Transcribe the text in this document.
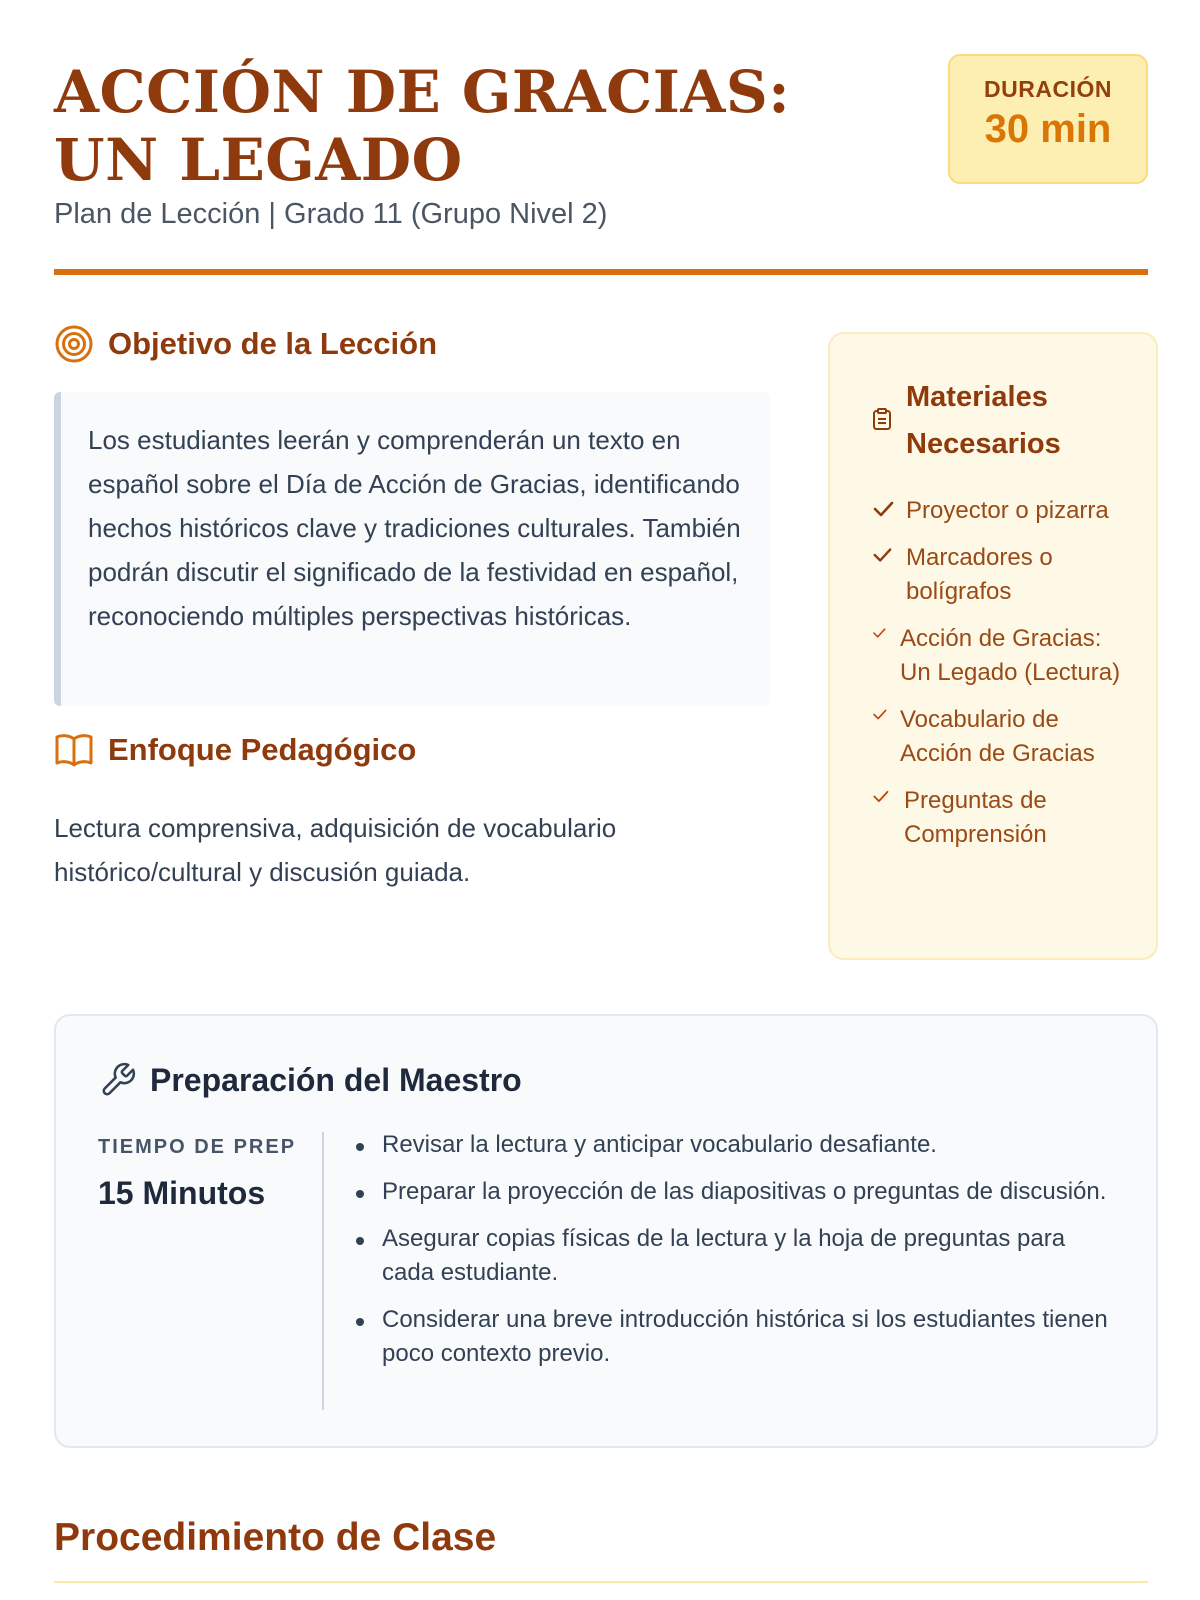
ACCIÓN DE GRACIAS: UN LEGADO
Plan de Lección | Grado 11 (Grupo Nivel 2)
DURACIÓN
30 min
Objetivo de la Lección

Los estudiantes leerán y comprenderán un texto en español sobre el Día de Acción de Gracias, identificando hechos históricos clave y tradiciones culturales. También podrán discutir el significado de la festividad en español, reconociendo múltiples perspectivas históricas.

Enfoque Pedagógico

Lectura comprensiva, adquisición de vocabulario histórico/cultural y discusión guiada.

Materiales Necesarios
Proyector o pizarra
Marcadores o bolígrafos
Acción de Gracias: Un Legado (Lectura)
Vocabulario de Acción de Gracias
Preguntas de Comprensión
Preparación del Maestro
TIEMPO DE PREP
15 Minutos
Revisar la lectura y anticipar vocabulario desafiante.
Preparar la proyección de las diapositivas o preguntas de discusión.
Asegurar copias físicas de la lectura y la hoja de preguntas para cada estudiante.
Considerar una breve introducción histórica si los estudiantes tienen poco contexto previo.
Procedimiento de Clase
